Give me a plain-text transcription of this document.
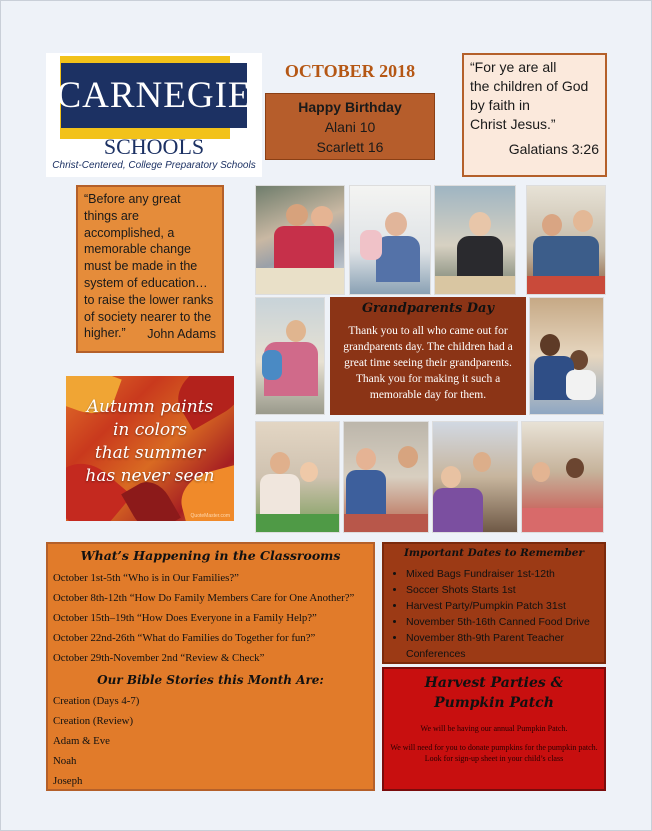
CARNEGIE
SCHOOLS
Christ-Centered, College Preparatory Schools
OCTOBER 2018
Happy Birthday
Alani 10
Scarlett 16
“For ye are all
the children of God
by faith in
Christ Jesus.”
Galatians 3:26
“Before any great things are accomplished, a memorable change must be made in the system of education…to raise the lower ranks of society nearer to the higher.”	John Adams
Autumn paints
in colors
that summer
has never seen
QuoteMaster.com
Grandparents Day
Thank you to all who came out for grandparents day. The children had a great time seeing their grandparents. Thank you for making it such a memorable day for them.
What’s Happening in the Classrooms
October 1st-5th “Who is in Our Families?”
October 8th-12th “How Do Family Members Care for One Another?”
October 15th–19th “How Does Everyone in a Family Help?”
October 22nd-26th “What do Families do Together for fun?”
October 29th-November 2nd “Review & Check”
Our Bible Stories this Month Are:
Creation (Days 4-7)
Creation (Review)
Adam & Eve
Noah
Joseph
Important Dates to Remember
• Mixed Bags Fundraiser 1st-12th
• Soccer Shots Starts 1st
• Harvest Party/Pumpkin Patch 31st
• November 5th-16th Canned Food Drive
• November 8th-9th Parent Teacher Conferences
Harvest Parties & Pumpkin Patch
We will be having our annual Pumpkin Patch.
We will need for you to donate pumpkins for the pumpkin patch. Look for sign-up sheet in your child’s class
